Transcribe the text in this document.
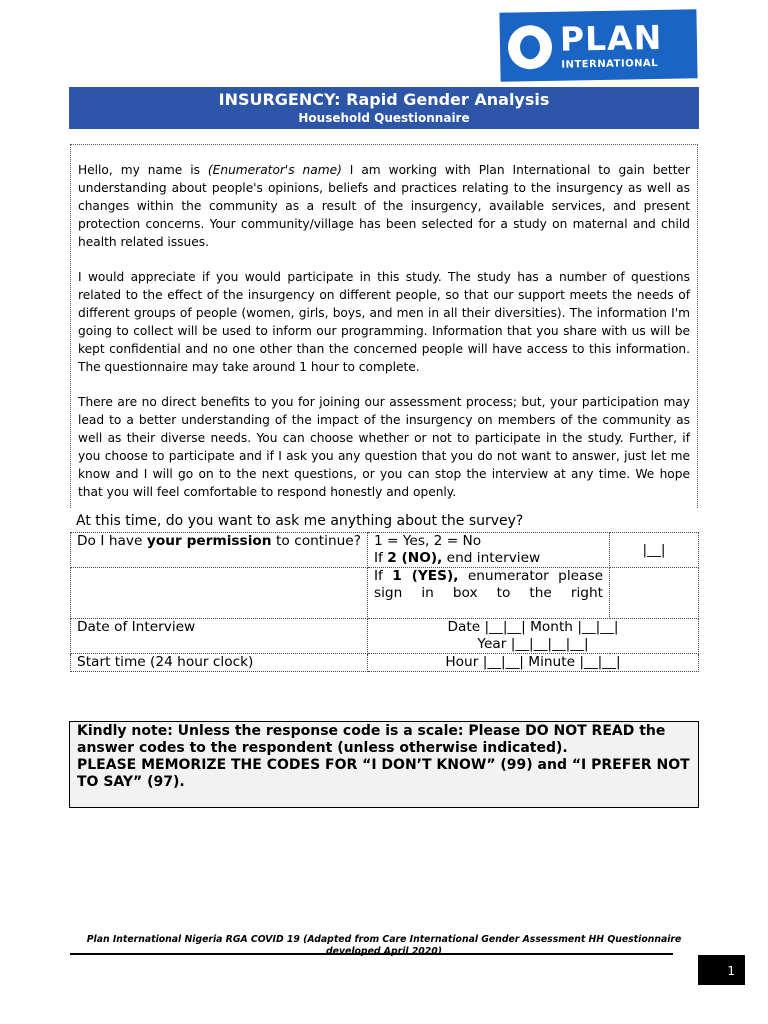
PLAN
INTERNATIONAL
INSURGENCY: Rapid Gender Analysis
Household Questionnaire

Hello, my name is (Enumerator's name) I am working with Plan International to gain better understanding about people's opinions, beliefs and practices relating to the insurgency as well as changes within the community as a result of the insurgency, available services, and present protection concerns. Your community/village has been selected for a study on maternal and child health related issues.

I would appreciate if you would participate in this study. The study has a number of questions related to the effect of the insurgency on different people, so that our support meets the needs of different groups of people (women, girls, boys, and men in all their diversities). The information I'm going to collect will be used to inform our programming. Information that you share with us will be kept confidential and no one other than the concerned people will have access to this information. The questionnaire may take around 1 hour to complete.

There are no direct benefits to you for joining our assessment process; but, your participation may lead to a better understanding of the impact of the insurgency on members of the community as well as their diverse needs. You can choose whether or not to participate in the study. Further, if you choose to participate and if I ask you any question that you do not want to answer, just let me know and I will go on to the next questions, or you can stop the interview at any time. We hope that you will feel comfortable to respond honestly and openly.

At this time, do you want to ask me anything about the survey?
Do I have your permission to continue?	1 = Yes, 2 = No
If 2 (NO), end interview	|__|
	If 1 (YES), enumerator please sign in box to the right	
Date of Interview	Date |__|__| Month |__|__|
Year |__|__|__|__|	

Start time (24 hour clock)	Hour |__|__| Minute |__|__|	
Kindly note: Unless the response code is a scale: Please DO NOT READ the answer codes to the respondent (unless otherwise indicated).
PLEASE MEMORIZE THE CODES FOR “I DON’T KNOW” (99) and “I PREFER NOT TO SAY” (97).
Plan International Nigeria RGA COVID 19 (Adapted from Care International Gender Assessment HH Questionnaire developed April 2020)
1
